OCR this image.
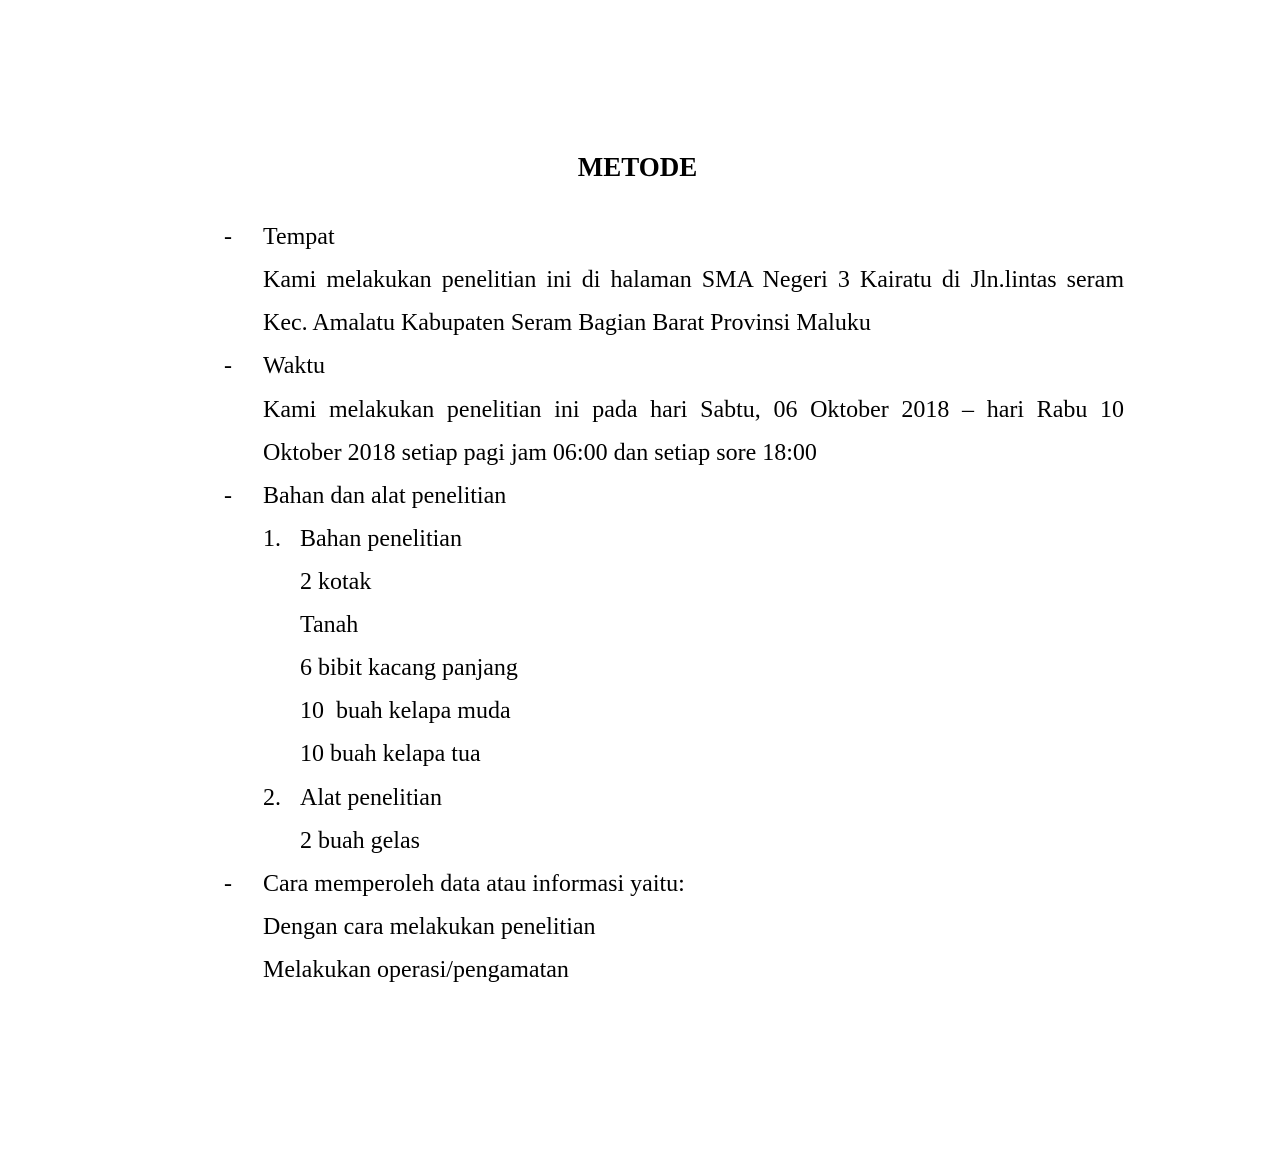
METODE
- Tempat
Kami melakukan penelitian ini di halaman SMA Negeri 3 Kairatu di Jln.lintas seram
Kec. Amalatu Kabupaten Seram Bagian Barat Provinsi Maluku
- Waktu
Kami melakukan penelitian ini pada hari Sabtu, 06 Oktober 2018 – hari Rabu 10
Oktober 2018 setiap pagi jam 06:00 dan setiap sore 18:00
- Bahan dan alat penelitian
1. Bahan penelitian
2 kotak
Tanah
6 bibit kacang panjang
10  buah kelapa muda
10 buah kelapa tua
2. Alat penelitian
2 buah gelas
- Cara memperoleh data atau informasi yaitu:
Dengan cara melakukan penelitian
Melakukan operasi/pengamatan
